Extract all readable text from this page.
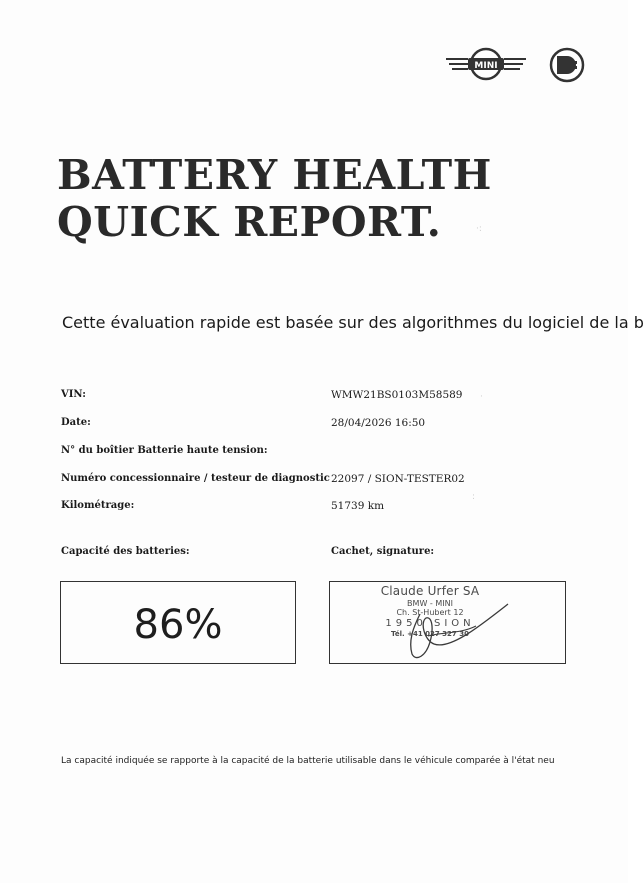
·:
·
:
MINI
BATTERY HEALTH
QUICK REPORT.
Cette évaluation rapide est basée sur des algorithmes du logiciel de la b
VIN:	WMW21BS0103M58589
Date:	28/04/2026 16:50
N° du boîtier Batterie haute tension:
Numéro concessionnaire / testeur de diagnostic 22097 / SION-TESTER02
Kilométrage:	51739 km
Capacité des batteries:
86%
Cachet, signature:
Claude Urfer SA
BMW - MINI
Ch. St-Hubert 12
1950 SION
Tél. +41 027 327 30
La capacité indiquée se rapporte à la capacité de la batterie utilisable dans le véhicule comparée à l'état neu
